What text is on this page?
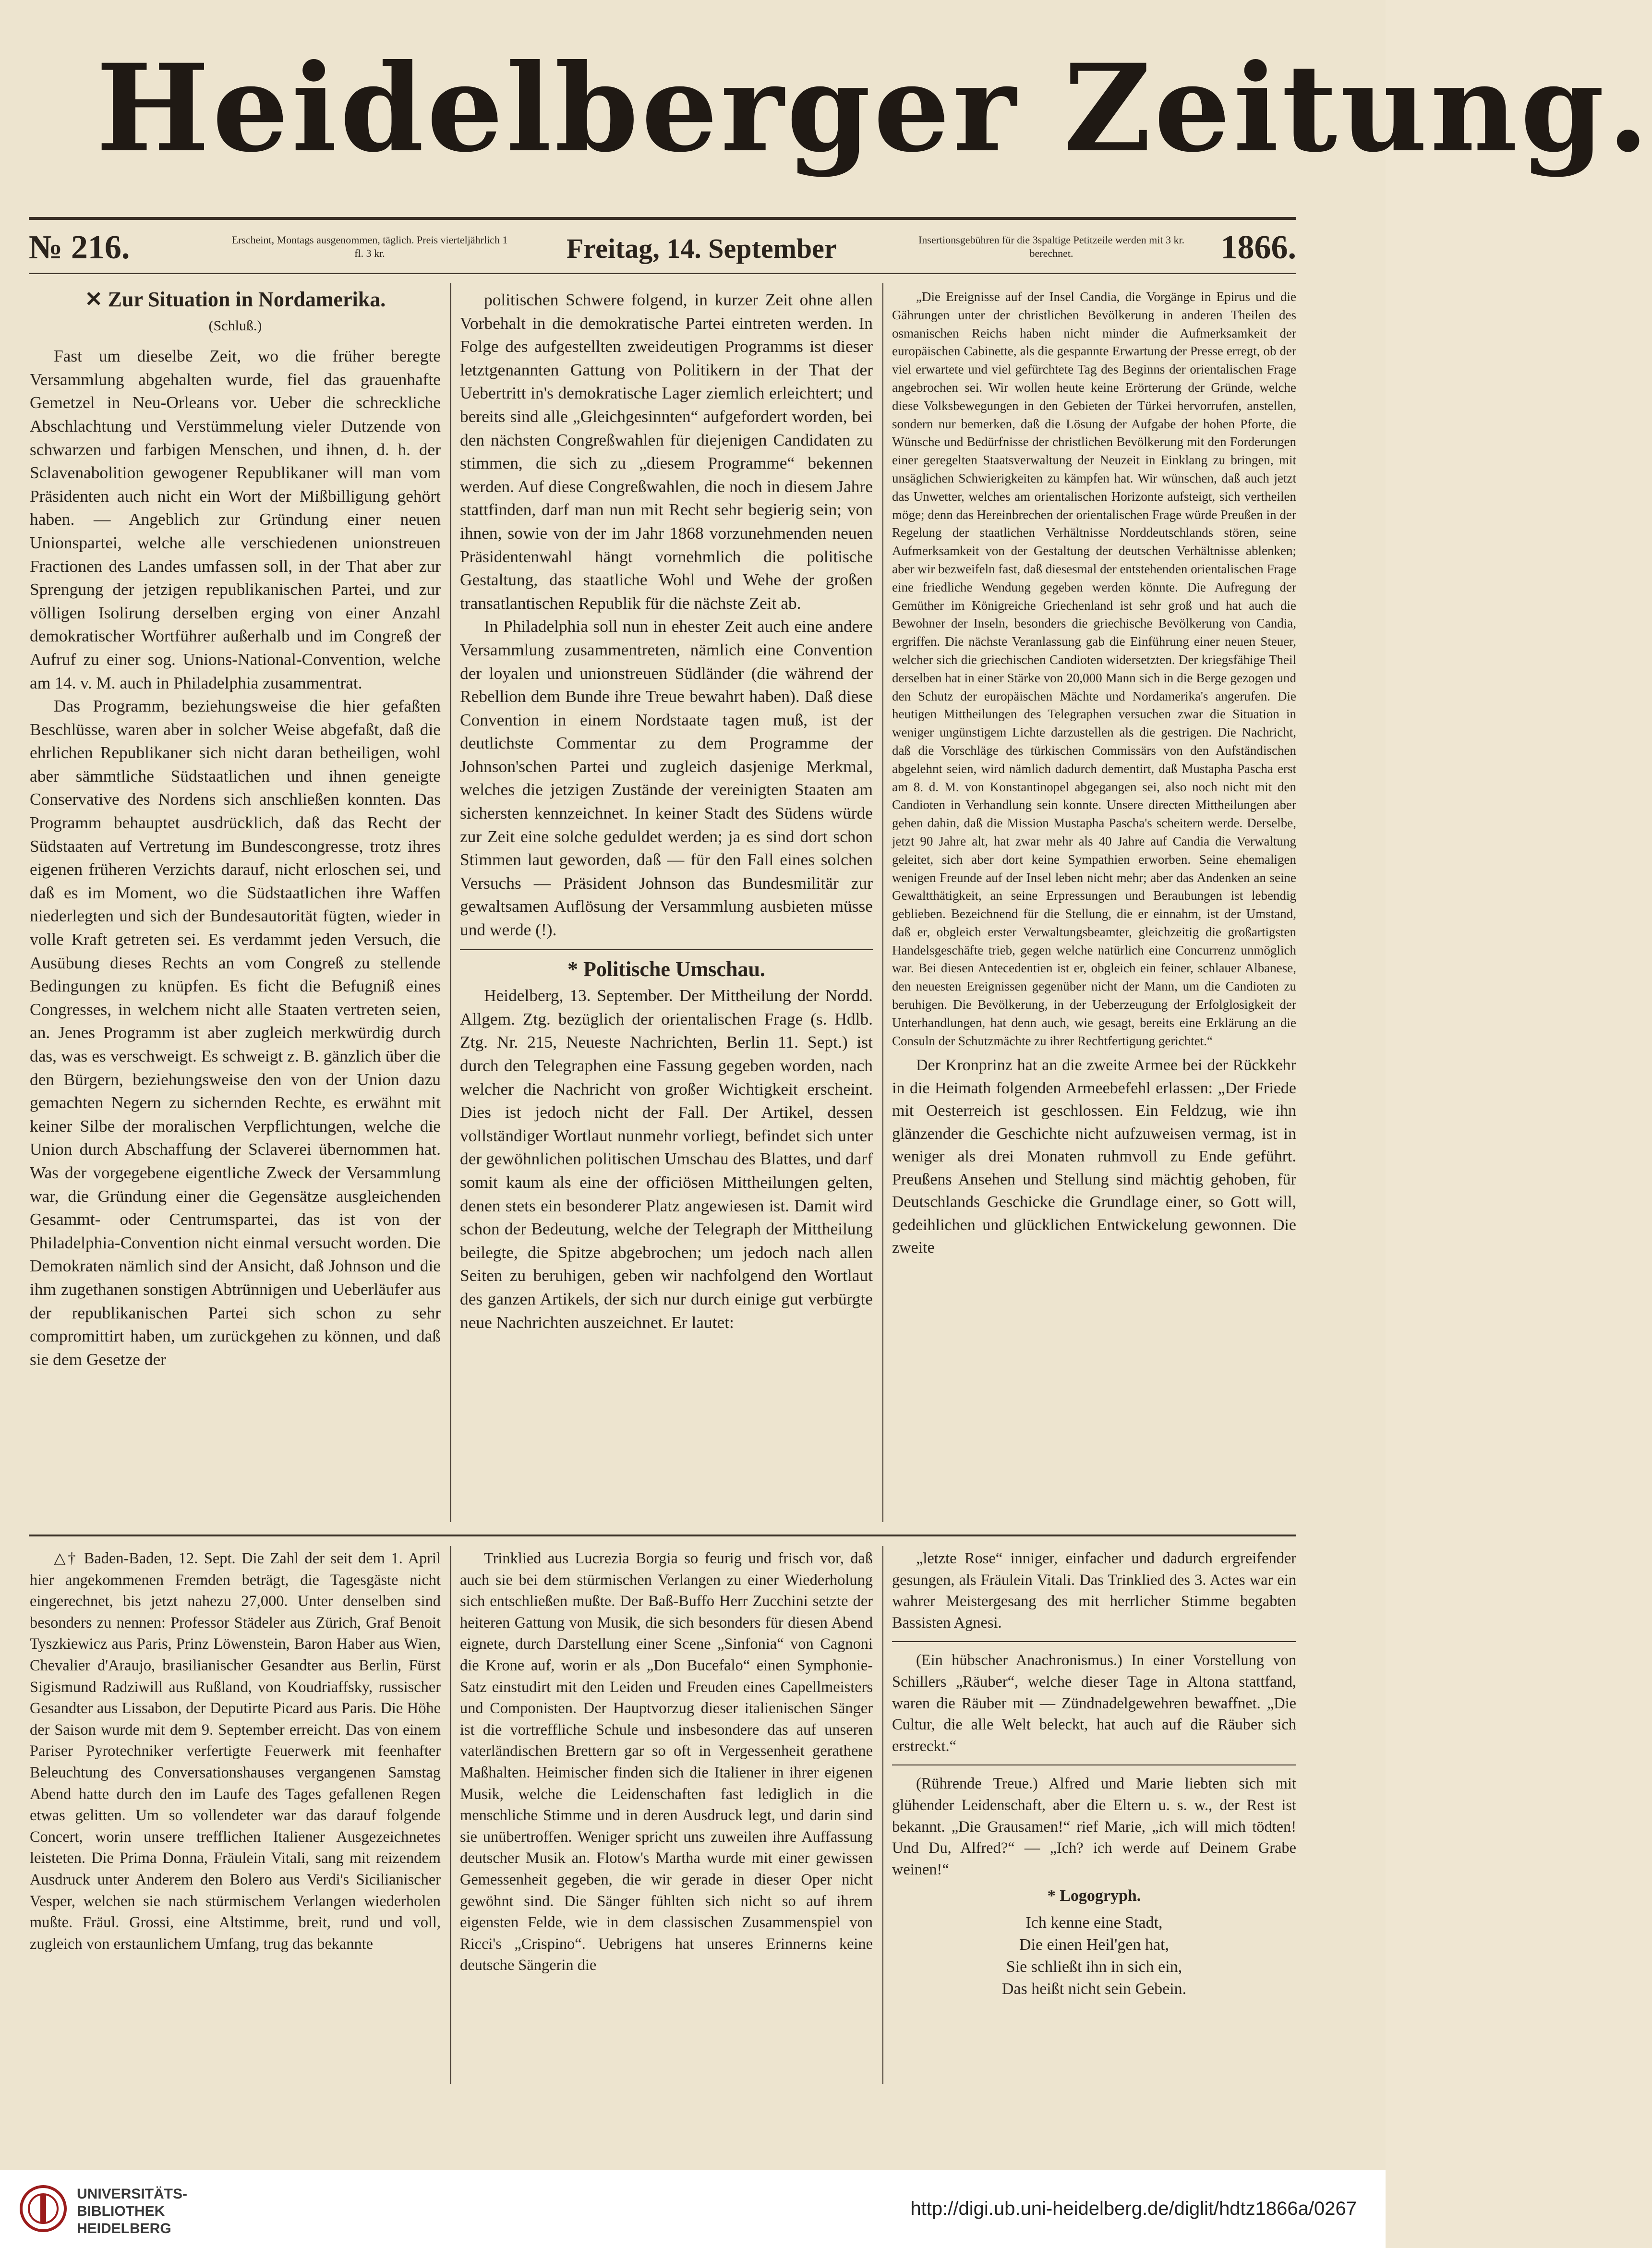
Heidelberger Zeitung.
№ 216.	Erscheint, Montags ausgenommen, täglich. Preis vierteljährlich 1 fl. 3 kr.	Freitag, 14. September	Insertionsgebühren für die 3spaltige Petitzeile werden mit 3 kr. berechnet.	1866.
✕ Zur Situation in Nordamerika.
(Schluß.)

Fast um dieselbe Zeit, wo die früher beregte Versammlung abgehalten wurde, fiel das grauenhafte Gemetzel in Neu-Orleans vor. Ueber die schreckliche Abschlachtung und Verstümmelung vieler Dutzende von schwarzen und farbigen Menschen, und ihnen, d. h. der Sclavenabolition gewogener Republikaner will man vom Präsidenten auch nicht ein Wort der Mißbilligung gehört haben. — Angeblich zur Gründung einer neuen Unionspartei, welche alle verschiedenen unionstreuen Fractionen des Landes umfassen soll, in der That aber zur Sprengung der jetzigen republikanischen Partei, und zur völligen Isolirung derselben erging von einer Anzahl demokratischer Wortführer außerhalb und im Congreß der Aufruf zu einer sog. Unions-National-Convention, welche am 14. v. M. auch in Philadelphia zusammentrat.

Das Programm, beziehungsweise die hier gefaßten Beschlüsse, waren aber in solcher Weise abgefaßt, daß die ehrlichen Republikaner sich nicht daran betheiligen, wohl aber sämmtliche Südstaatlichen und ihnen geneigte Conservative des Nordens sich anschließen konnten. Das Programm behauptet ausdrücklich, daß das Recht der Südstaaten auf Vertretung im Bundescongresse, trotz ihres eigenen früheren Verzichts darauf, nicht erloschen sei, und daß es im Moment, wo die Südstaatlichen ihre Waffen niederlegten und sich der Bundesautorität fügten, wieder in volle Kraft getreten sei. Es verdammt jeden Versuch, die Ausübung dieses Rechts an vom Congreß zu stellende Bedingungen zu knüpfen. Es ficht die Befugniß eines Congresses, in welchem nicht alle Staaten vertreten seien, an. Jenes Programm ist aber zugleich merkwürdig durch das, was es verschweigt. Es schweigt z. B. gänzlich über die den Bürgern, beziehungsweise den von der Union dazu gemachten Negern zu sichernden Rechte, es erwähnt mit keiner Silbe der moralischen Verpflichtungen, welche die Union durch Abschaffung der Sclaverei übernommen hat. Was der vorgegebene eigentliche Zweck der Versammlung war, die Gründung einer die Gegensätze ausgleichenden Gesammt- oder Centrumspartei, das ist von der Philadelphia-Convention nicht einmal versucht worden. Die Demokraten nämlich sind der Ansicht, daß Johnson und die ihm zugethanen sonstigen Abtrünnigen und Ueberläufer aus der republikanischen Partei sich schon zu sehr compromittirt haben, um zurückgehen zu können, und daß sie dem Gesetze der

politischen Schwere folgend, in kurzer Zeit ohne allen Vorbehalt in die demokratische Partei eintreten werden. In Folge des aufgestellten zweideutigen Programms ist dieser letztgenannten Gattung von Politikern in der That der Uebertritt in's demokratische Lager ziemlich erleichtert; und bereits sind alle „Gleichgesinnten“ aufgefordert worden, bei den nächsten Congreßwahlen für diejenigen Candidaten zu stimmen, die sich zu „diesem Programme“ bekennen werden. Auf diese Congreßwahlen, die noch in diesem Jahre stattfinden, darf man nun mit Recht sehr begierig sein; von ihnen, sowie von der im Jahr 1868 vorzunehmenden neuen Präsidentenwahl hängt vornehmlich die politische Gestaltung, das staatliche Wohl und Wehe der großen transatlantischen Republik für die nächste Zeit ab.

In Philadelphia soll nun in ehester Zeit auch eine andere Versammlung zusammentreten, nämlich eine Convention der loyalen und unionstreuen Südländer (die während der Rebellion dem Bunde ihre Treue bewahrt haben). Daß diese Convention in einem Nordstaate tagen muß, ist der deutlichste Commentar zu dem Programme der Johnson'schen Partei und zugleich dasjenige Merkmal, welches die jetzigen Zustände der vereinigten Staaten am sichersten kennzeichnet. In keiner Stadt des Südens würde zur Zeit eine solche geduldet werden; ja es sind dort schon Stimmen laut geworden, daß — für den Fall eines solchen Versuchs — Präsident Johnson das Bundesmilitär zur gewaltsamen Auflösung der Versammlung ausbieten müsse und werde (!).

* Politische Umschau.

Heidelberg, 13. September. Der Mittheilung der Nordd. Allgem. Ztg. bezüglich der orientalischen Frage (s. Hdlb. Ztg. Nr. 215, Neueste Nachrichten, Berlin 11. Sept.) ist durch den Telegraphen eine Fassung gegeben worden, nach welcher die Nachricht von großer Wichtigkeit erscheint. Dies ist jedoch nicht der Fall. Der Artikel, dessen vollständiger Wortlaut nunmehr vorliegt, befindet sich unter der gewöhnlichen politischen Umschau des Blattes, und darf somit kaum als eine der officiösen Mittheilungen gelten, denen stets ein besonderer Platz angewiesen ist. Damit wird schon der Bedeutung, welche der Telegraph der Mittheilung beilegte, die Spitze abgebrochen; um jedoch nach allen Seiten zu beruhigen, geben wir nachfolgend den Wortlaut des ganzen Artikels, der sich nur durch einige gut verbürgte neue Nachrichten auszeichnet. Er lautet:

„Die Ereignisse auf der Insel Candia, die Vorgänge in Epirus und die Gährungen unter der christlichen Bevölkerung in anderen Theilen des osmanischen Reichs haben nicht minder die Aufmerksamkeit der europäischen Cabinette, als die gespannte Erwartung der Presse erregt, ob der viel erwartete und viel gefürchtete Tag des Beginns der orientalischen Frage angebrochen sei. Wir wollen heute keine Erörterung der Gründe, welche diese Volksbewegungen in den Gebieten der Türkei hervorrufen, anstellen, sondern nur bemerken, daß die Lösung der Aufgabe der hohen Pforte, die Wünsche und Bedürfnisse der christlichen Bevölkerung mit den Forderungen einer geregelten Staatsverwaltung der Neuzeit in Einklang zu bringen, mit unsäglichen Schwierigkeiten zu kämpfen hat. Wir wünschen, daß auch jetzt das Unwetter, welches am orientalischen Horizonte aufsteigt, sich vertheilen möge; denn das Hereinbrechen der orientalischen Frage würde Preußen in der Regelung der staatlichen Verhältnisse Norddeutschlands stören, seine Aufmerksamkeit von der Gestaltung der deutschen Verhältnisse ablenken; aber wir bezweifeln fast, daß diesesmal der entstehenden orientalischen Frage eine friedliche Wendung gegeben werden könnte. Die Aufregung der Gemüther im Königreiche Griechenland ist sehr groß und hat auch die Bewohner der Inseln, besonders die griechische Bevölkerung von Candia, ergriffen. Die nächste Veranlassung gab die Einführung einer neuen Steuer, welcher sich die griechischen Candioten widersetzten. Der kriegsfähige Theil derselben hat in einer Stärke von 20,000 Mann sich in die Berge gezogen und den Schutz der europäischen Mächte und Nordamerika's angerufen. Die heutigen Mittheilungen des Telegraphen versuchen zwar die Situation in weniger ungünstigem Lichte darzustellen als die gestrigen. Die Nachricht, daß die Vorschläge des türkischen Commissärs von den Aufständischen abgelehnt seien, wird nämlich dadurch dementirt, daß Mustapha Pascha erst am 8. d. M. von Konstantinopel abgegangen sei, also noch nicht mit den Candioten in Verhandlung sein konnte. Unsere directen Mittheilungen aber gehen dahin, daß die Mission Mustapha Pascha's scheitern werde. Derselbe, jetzt 90 Jahre alt, hat zwar mehr als 40 Jahre auf Candia die Verwaltung geleitet, sich aber dort keine Sympathien erworben. Seine ehemaligen wenigen Freunde auf der Insel leben nicht mehr; aber das Andenken an seine Gewaltthätigkeit, an seine Erpressungen und Beraubungen ist lebendig geblieben. Bezeichnend für die Stellung, die er einnahm, ist der Umstand, daß er, obgleich erster Verwaltungsbeamter, gleichzeitig die großartigsten Handelsgeschäfte trieb, gegen welche natürlich eine Concurrenz unmöglich war. Bei diesen Antecedentien ist er, obgleich ein feiner, schlauer Albanese, den neuesten Ereignissen gegenüber nicht der Mann, um die Candioten zu beruhigen. Die Bevölkerung, in der Ueberzeugung der Erfolglosigkeit der Unterhandlungen, hat denn auch, wie gesagt, bereits eine Erklärung an die Consuln der Schutzmächte zu ihrer Rechtfertigung gerichtet.“

Der Kronprinz hat an die zweite Armee bei der Rückkehr in die Heimath folgenden Armeebefehl erlassen: „Der Friede mit Oesterreich ist geschlossen. Ein Feldzug, wie ihn glänzender die Geschichte nicht aufzuweisen vermag, ist in weniger als drei Monaten ruhmvoll zu Ende geführt. Preußens Ansehen und Stellung sind mächtig gehoben, für Deutschlands Geschicke die Grundlage einer, so Gott will, gedeihlichen und glücklichen Entwickelung gewonnen. Die zweite

△† Baden-Baden, 12. Sept. Die Zahl der seit dem 1. April hier angekommenen Fremden beträgt, die Tagesgäste nicht eingerechnet, bis jetzt nahezu 27,000. Unter denselben sind besonders zu nennen: Professor Städeler aus Zürich, Graf Benoit Tyszkiewicz aus Paris, Prinz Löwenstein, Baron Haber aus Wien, Chevalier d'Araujo, brasilianischer Gesandter aus Berlin, Fürst Sigismund Radziwill aus Rußland, von Koudriaffsky, russischer Gesandter aus Lissabon, der Deputirte Picard aus Paris. Die Höhe der Saison wurde mit dem 9. September erreicht. Das von einem Pariser Pyrotechniker verfertigte Feuerwerk mit feenhafter Beleuchtung des Conversationshauses vergangenen Samstag Abend hatte durch den im Laufe des Tages gefallenen Regen etwas gelitten. Um so vollendeter war das darauf folgende Concert, worin unsere trefflichen Italiener Ausgezeichnetes leisteten. Die Prima Donna, Fräulein Vitali, sang mit reizendem Ausdruck unter Anderem den Bolero aus Verdi's Sicilianischer Vesper, welchen sie nach stürmischem Verlangen wiederholen mußte. Fräul. Grossi, eine Altstimme, breit, rund und voll, zugleich von erstaunlichem Umfang, trug das bekannte

Trinklied aus Lucrezia Borgia so feurig und frisch vor, daß auch sie bei dem stürmischen Verlangen zu einer Wiederholung sich entschließen mußte. Der Baß-Buffo Herr Zucchini setzte der heiteren Gattung von Musik, die sich besonders für diesen Abend eignete, durch Darstellung einer Scene „Sinfonia“ von Cagnoni die Krone auf, worin er als „Don Bucefalo“ einen Symphonie-Satz einstudirt mit den Leiden und Freuden eines Capellmeisters und Componisten. Der Hauptvorzug dieser italienischen Sänger ist die vortreffliche Schule und insbesondere das auf unseren vaterländischen Brettern gar so oft in Vergessenheit gerathene Maßhalten. Heimischer finden sich die Italiener in ihrer eigenen Musik, welche die Leidenschaften fast lediglich in die menschliche Stimme und in deren Ausdruck legt, und darin sind sie unübertroffen. Weniger spricht uns zuweilen ihre Auffassung deutscher Musik an. Flotow's Martha wurde mit einer gewissen Gemessenheit gegeben, die wir gerade in dieser Oper nicht gewöhnt sind. Die Sänger fühlten sich nicht so auf ihrem eigensten Felde, wie in dem classischen Zusammenspiel von Ricci's „Crispino“. Uebrigens hat unseres Erinnerns keine deutsche Sängerin die

„letzte Rose“ inniger, einfacher und dadurch ergreifender gesungen, als Fräulein Vitali. Das Trinklied des 3. Actes war ein wahrer Meistergesang des mit herrlicher Stimme begabten Bassisten Agnesi.

(Ein hübscher Anachronismus.) In einer Vorstellung von Schillers „Räuber“, welche dieser Tage in Altona stattfand, waren die Räuber mit — Zündnadelgewehren bewaffnet. „Die Cultur, die alle Welt beleckt, hat auch auf die Räuber sich erstreckt.“

(Rührende Treue.) Alfred und Marie liebten sich mit glühender Leidenschaft, aber die Eltern u. s. w., der Rest ist bekannt. „Die Grausamen!“ rief Marie, „ich will mich tödten! Und Du, Alfred?“ — „Ich? ich werde auf Deinem Grabe weinen!“

* Logogryph.
Ich kenne eine Stadt,
Die einen Heil'gen hat,
Sie schließt ihn in sich ein,
Das heißt nicht sein Gebein.
UNIVERSITÄTS-
BIBLIOTHEK
HEIDELBERG
http://digi.ub.uni-heidelberg.de/diglit/hdtz1866a/0267
